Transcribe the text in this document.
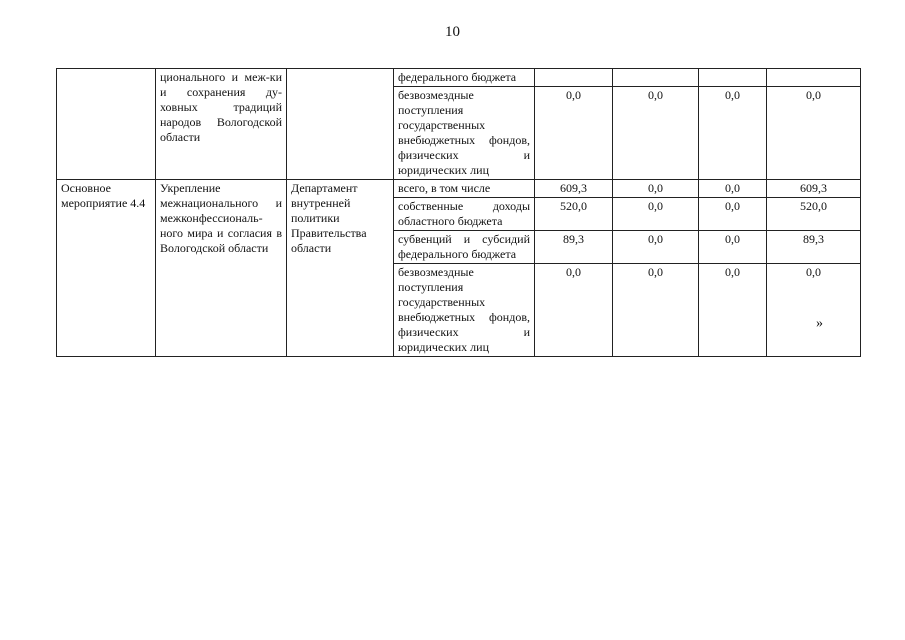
10
	ционального и меж-ки и сохранения ду-ховных традиций народов Вологодской области		федерального бюджета				
			безвозмездные поступления государственных внебюджетных фондов, физических и юридических лиц	0,0	0,0	0,0	0,0
Основное мероприятие 4.4	Укрепление межнационального и межконфессиональ-ного мира и согласия в Вологодской области	Департамент внутренней политики Правительства области	всего, в том числе	609,3	0,0	0,0	609,3
			собственные доходы областного бюджета	520,0	0,0	0,0	520,0
			субвенций и субсидий федерального бюджета	89,3	0,0	0,0	89,3
			безвозмездные поступления государственных внебюджетных фондов, физических и юридических лиц	0,0	0,0	0,0	0,0
»
